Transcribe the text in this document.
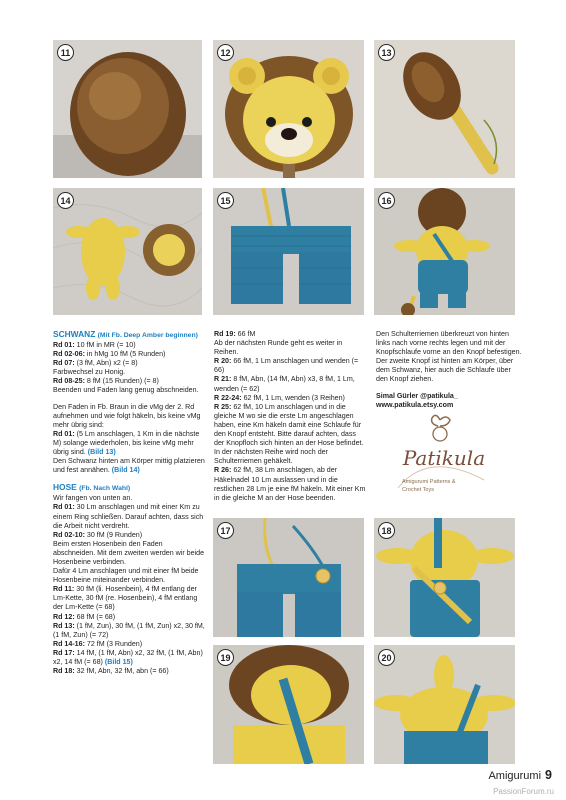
11	12	13
14	15	16

SCHWANZ (Mit Fb. Deep Amber beginnen)

Rd 01: 10 fM in MR (= 10)

Rd 02-06: in hMg 10 fM (5 Runden)

Rd 07: (3 fM, Abn) x2 (= 8)

Farbwechsel zu Honig.

Rd 08-25: 8 fM (15 Runden) (= 8)

Beenden und Faden lang genug abschneiden.

Den Faden in Fb. Braun in die vMg der 2. Rd aufnehmen und wie folgt häkeln, bis keine vMg mehr übrig sind:

Rd 01: (5 Lm anschlagen, 1 Km in die nächste M) solange wiederholen, bis keine vMg mehr übrig sind. (Bild 13)

Den Schwanz hinten am Körper mittig platzieren und fest annähen. (Bild 14)

HOSE (Fb. Nach Wahl)

Wir fangen von unten an.

Rd 01: 30 Lm anschlagen und mit einer Km zu einem Ring schließen. Darauf achten, dass sich die Arbeit nicht verdreht.

Rd 02-10: 30 fM (9 Runden)

Beim ersten Hosenbein den Faden abschneiden. Mit dem zweiten werden wir beide Hosenbeine verbinden.

Dafür 4 Lm anschlagen und mit einer fM beide Hosenbeine miteinander verbinden.

Rd 11: 30 fM (li. Hosenbein), 4 fM entlang der Lm-Kette, 30 fM (re. Hosenbein), 4 fM entlang der Lm-Kette (= 68)

Rd 12: 68 fM (= 68)

Rd 13: (1 fM, Zun), 30 fM, (1 fM, Zun) x2, 30 fM, (1 fM, Zun) (= 72)

Rd 14-16: 72 fM (3 Runden)

Rd 17: 14 fM, (1 fM, Abn) x2, 32 fM, (1 fM, Abn) x2, 14 fM (= 68) (Bild 15)

Rd 18: 32 fM, Abn, 32 fM, abn (= 66)

Rd 19: 66 fM

Ab der nächsten Runde geht es weiter in Reihen.

R 20: 66 fM, 1 Lm anschlagen und wenden (= 66)

R 21: 8 fM, Abn, (14 fM, Abn) x3, 8 fM, 1 Lm, wenden (= 62)

R 22-24: 62 fM, 1 Lm, wenden (3 Reihen)

R 25: 62 fM, 10 Lm anschlagen und in die gleiche M wo sie die erste Lm angeschlagen haben, eine Km häkeln damit eine Schlaufe für den Knopf entsteht. Bitte darauf achten, dass der Knopfloch sich hinten an der Hose befindet. In der nächsten Reihe wird noch der Schulterriemen gehäkelt.

R 26: 62 fM, 38 Lm anschlagen, ab der Häkelnadel 10 Lm auslassen und in die restlichen 28 Lm je eine fM häkeln. Mit einer Km in die gleiche M an der Hose beenden.

Den Schulterriemen überkreuzt von hinten links nach vorne rechts legen und mit der Knopfschlaufe vorne an den Knopf befestigen. Der zweite Knopf ist hinten am Körper, über dem Schwanz, hier auch die Schlaufe über den Knopf ziehen.

Simal Gürler @patikula_

www.patikula.etsy.com

Patikula
Amigurumi Patterns &
Crochet Toys
17	18
19	20
Amigurumi 9
PassionForum.ru
